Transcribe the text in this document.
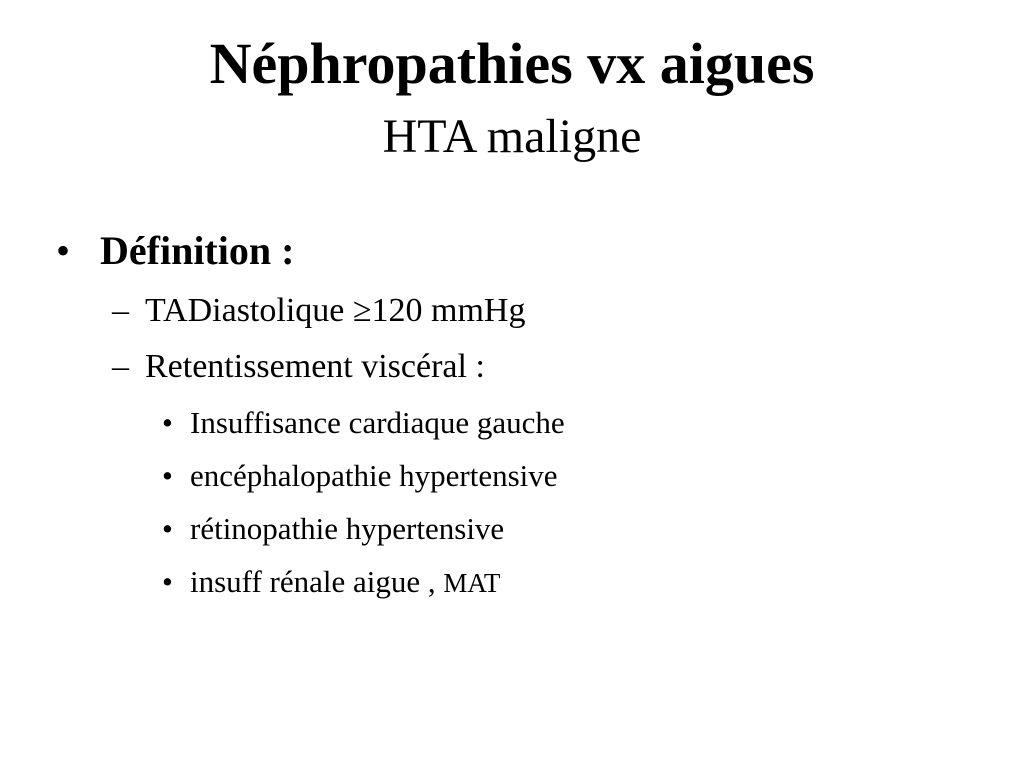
Néphropathies vx aigues
HTA maligne
• Définition :
– TADiastolique ≥120 mmHg
– Retentissement viscéral :
• Insuffisance cardiaque gauche
• encéphalopathie hypertensive
• rétinopathie hypertensive
• insuff rénale aigue , MAT
